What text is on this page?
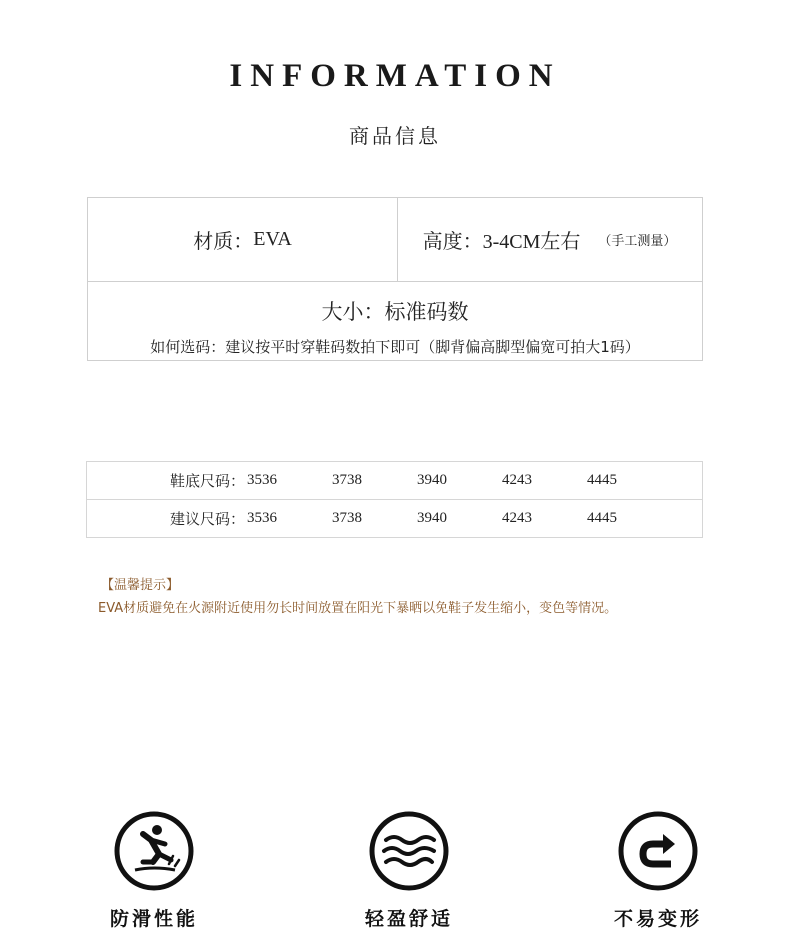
INFORMATION
商品信息
材质： EVA	高度： 3-4CM左右 （手工测量）
大小：标准码数
如何选码：建议按平时穿鞋码数拍下即可（脚背偏高脚型偏宽可拍大1码）
鞋底尺码： 3536	3738	3940	4243	4445
建议尺码： 3536	3738	3940	4243	4445
【温馨提示】
EVA材质避免在火源附近使用勿长时间放置在阳光下暴晒以免鞋子发生缩小，变色等情况。
防滑性能	轻盈舒适	不易变形
